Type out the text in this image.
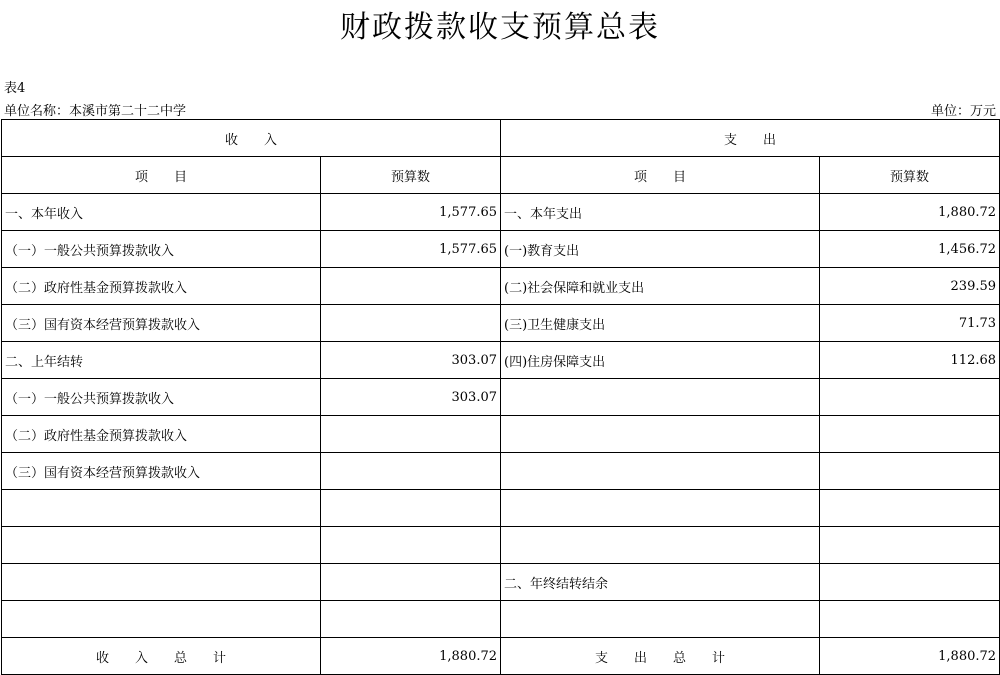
财政拨款收支预算总表
表4
单位名称：本溪市第二十二中学	单位：万元
收　　入		支　　出	
项　　目	预算数	项　　目	预算数
一、本年收入	1,577.65	一、本年支出	1,880.72
（一）一般公共预算拨款收入	1,577.65	(一)教育支出	1,456.72
（二）政府性基金预算拨款收入		(二)社会保障和就业支出	239.59
（三）国有资本经营预算拨款收入		(三)卫生健康支出	71.73
二、上年结转	303.07	(四)住房保障支出	112.68
（一）一般公共预算拨款收入	303.07		
（二）政府性基金预算拨款收入			
（三）国有资本经营预算拨款收入			

		二、年终结转结余	

收　　入　　总　　计	1,880.72	支　　出　　总　　计	1,880.72
